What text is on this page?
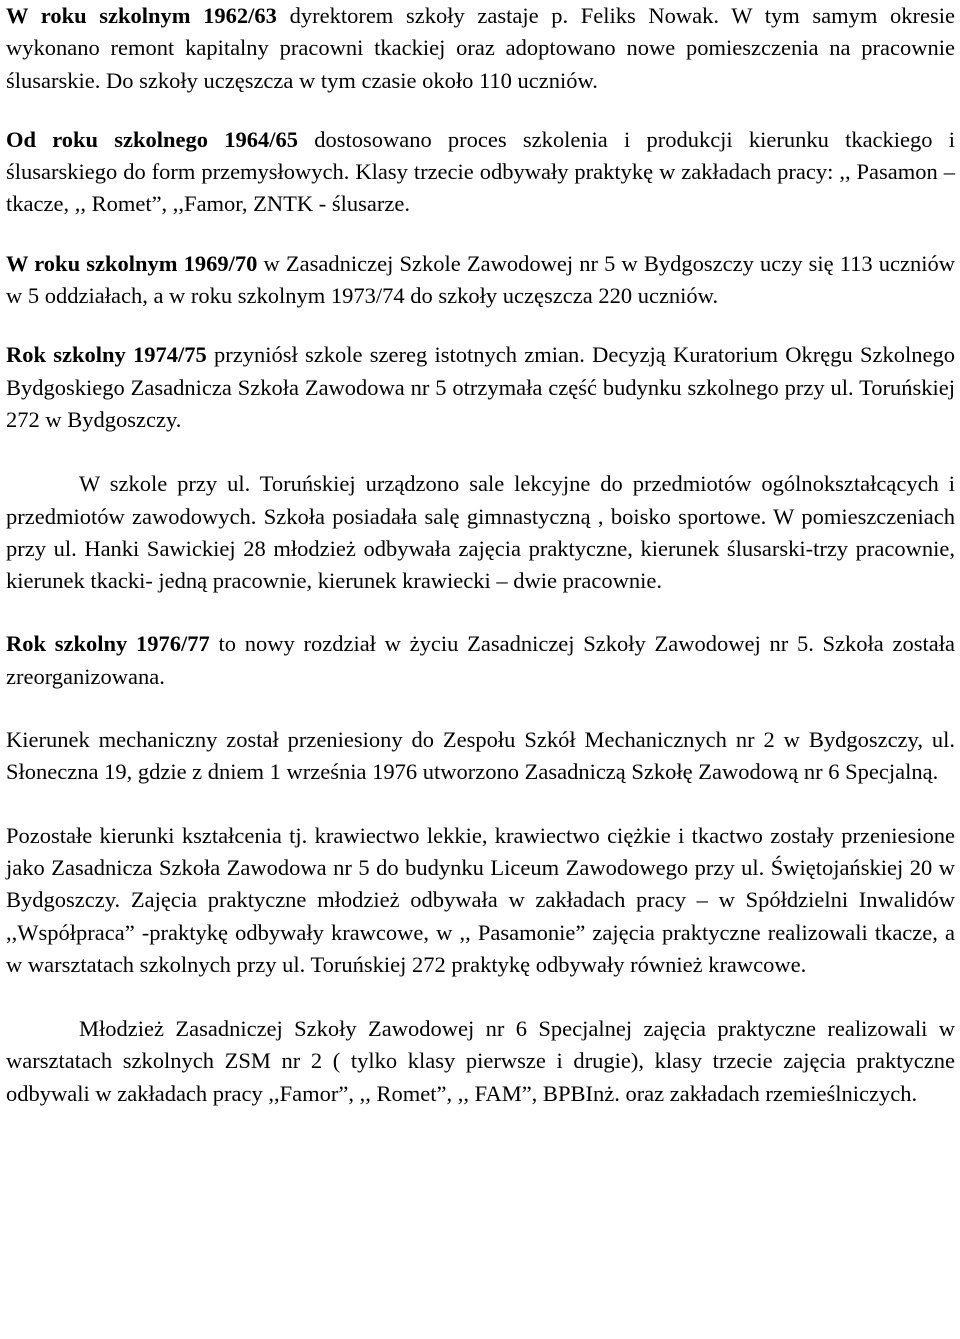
W roku szkolnym 1962/63 dyrektorem szkoły zastaje p. Feliks Nowak. W tym samym okresie wykonano remont kapitalny pracowni tkackiej oraz adoptowano nowe pomieszczenia na pracownie ślusarskie. Do szkoły uczęszcza w tym czasie około 110 uczniów.

Od roku szkolnego 1964/65 dostosowano proces szkolenia i produkcji kierunku tkackiego i ślusarskiego do form przemysłowych. Klasy trzecie odbywały praktykę w zakładach pracy: ,, Pasamon – tkacze, ,, Romet”, ,,Famor, ZNTK - ślusarze.

W roku szkolnym 1969/70 w Zasadniczej Szkole Zawodowej nr 5 w Bydgoszczy uczy się 113 uczniów w 5 oddziałach, a w roku szkolnym 1973/74 do szkoły uczęszcza 220 uczniów.

Rok szkolny 1974/75 przyniósł szkole szereg istotnych zmian. Decyzją Kuratorium Okręgu Szkolnego Bydgoskiego Zasadnicza Szkoła Zawodowa nr 5 otrzymała część budynku szkolnego przy ul. Toruńskiej 272 w Bydgoszczy.

W szkole przy ul. Toruńskiej urządzono sale lekcyjne do przedmiotów ogólnokształcących i przedmiotów zawodowych. Szkoła posiadała salę gimnastyczną , boisko sportowe. W pomieszczeniach przy ul. Hanki Sawickiej 28 młodzież odbywała zajęcia praktyczne, kierunek ślusarski-trzy pracownie, kierunek tkacki- jedną pracownie, kierunek krawiecki – dwie pracownie.

Rok szkolny 1976/77 to nowy rozdział w życiu Zasadniczej Szkoły Zawodowej nr 5. Szkoła została zreorganizowana.

Kierunek mechaniczny został przeniesiony do Zespołu Szkół Mechanicznych nr 2 w Bydgoszczy, ul. Słoneczna 19, gdzie z dniem 1 września 1976 utworzono Zasadniczą Szkołę Zawodową nr 6 Specjalną.

Pozostałe kierunki kształcenia tj. krawiectwo lekkie, krawiectwo ciężkie i tkactwo zostały przeniesione jako Zasadnicza Szkoła Zawodowa nr 5 do budynku Liceum Zawodowego przy ul. Świętojańskiej 20 w Bydgoszczy. Zajęcia praktyczne młodzież odbywała w zakładach pracy – w Spółdzielni Inwalidów ,,Współpraca” -praktykę odbywały krawcowe, w ,, Pasamonie” zajęcia praktyczne realizowali tkacze, a w warsztatach szkolnych przy ul. Toruńskiej 272 praktykę odbywały również krawcowe.

Młodzież Zasadniczej Szkoły Zawodowej nr 6 Specjalnej zajęcia praktyczne realizowali w warsztatach szkolnych ZSM nr 2 ( tylko klasy pierwsze i drugie), klasy trzecie zajęcia praktyczne odbywali w zakładach pracy ,,Famor”, ,, Romet”, ,, FAM”, BPBInż. oraz zakładach rzemieślniczych.
